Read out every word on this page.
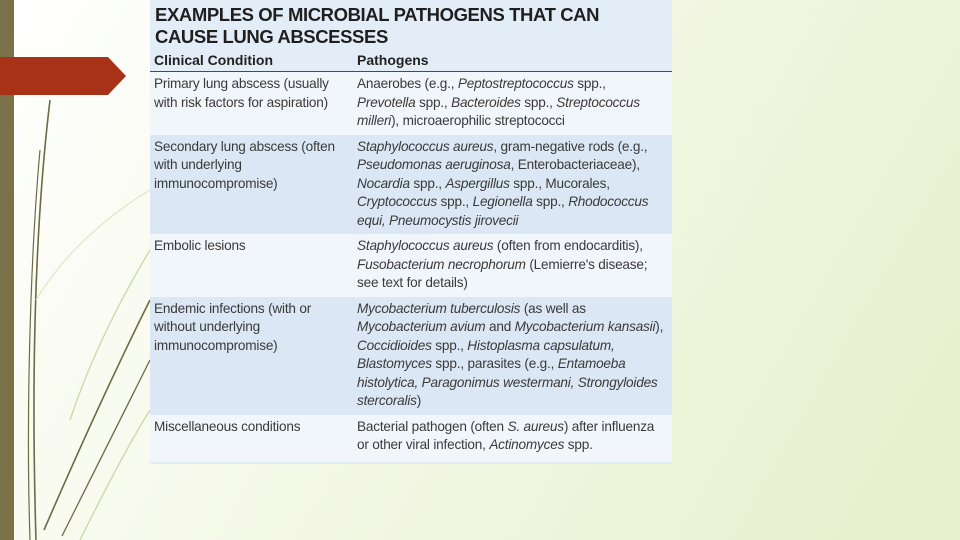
EXAMPLES OF MICROBIAL PATHOGENS THAT CAN CAUSE LUNG ABSCESSES
Clinical Condition	Pathogens
Primary lung abscess (usually with risk factors for aspiration)	Anaerobes (e.g., Peptostreptococcus spp., Prevotella spp., Bacteroides spp., Streptococcus milleri), microaerophilic streptococci
Secondary lung abscess (often with underlying immunocompromise)	Staphylococcus aureus, gram-negative rods (e.g., Pseudomonas aeruginosa, Enterobacteriaceae), Nocardia spp., Aspergillus spp., Mucorales, Cryptococcus spp., Legionella spp., Rhodococcus equi, Pneumocystis jirovecii
Embolic lesions	Staphylococcus aureus (often from endocarditis), Fusobacterium necrophorum (Lemierre's disease; see text for details)
Endemic infections (with or without underlying immunocompromise)	Mycobacterium tuberculosis (as well as Mycobacterium avium and Mycobacterium kansasii), Coccidioides spp., Histoplasma capsulatum, Blastomyces spp., parasites (e.g., Entamoeba histolytica, Paragonimus westermani, Strongyloides stercoralis)
Miscellaneous conditions	Bacterial pathogen (often S. aureus) after influenza or other viral infection, Actinomyces spp.
